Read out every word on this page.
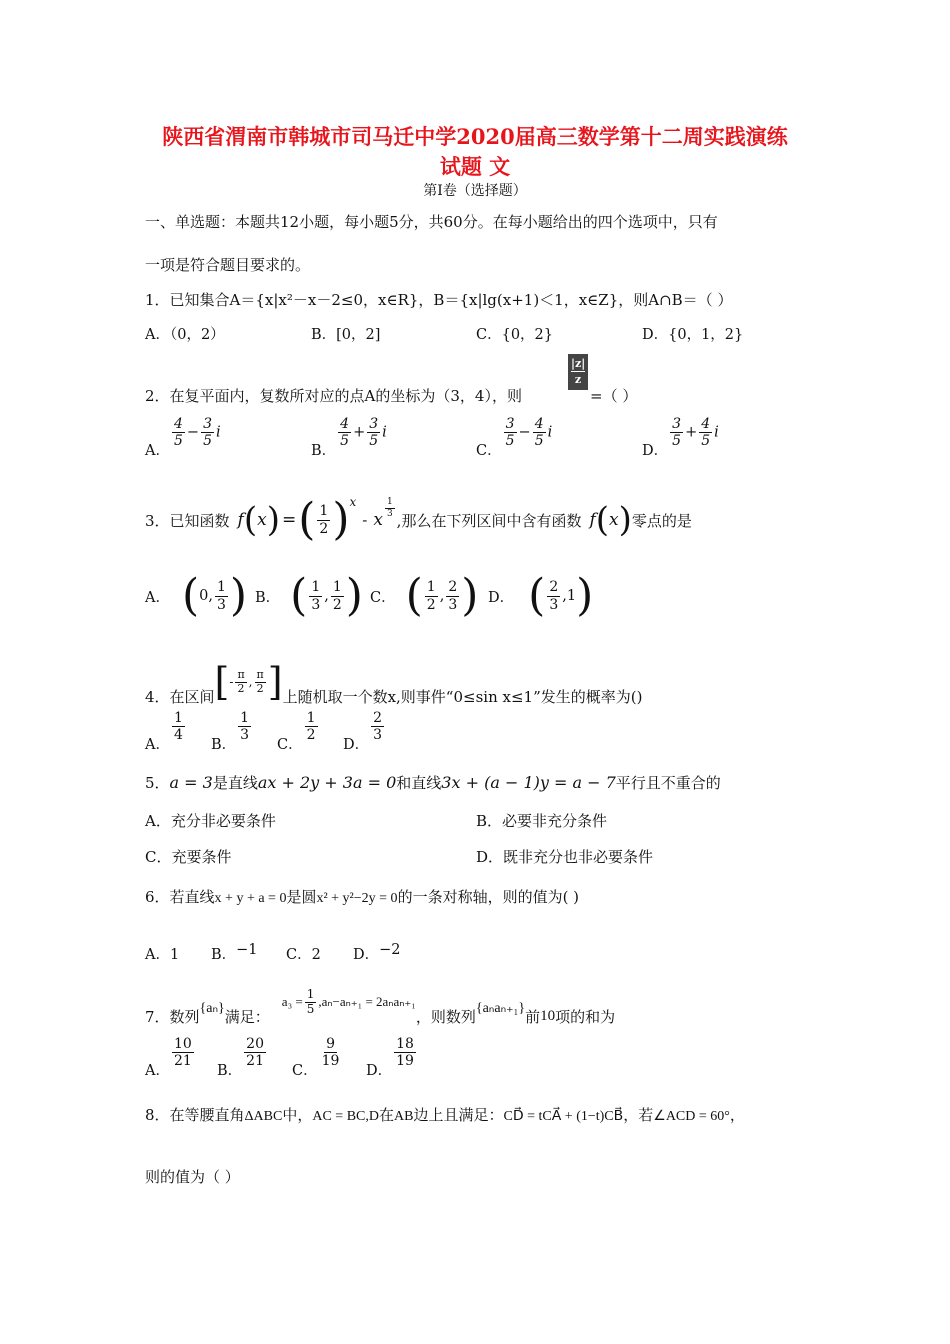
陕西省渭南市韩城市司马迁中学2020届高三数学第十二周实践演练
试题 文
第Ⅰ卷（选择题）
一、单选题：本题共12小题，每小题5分，共60分。在每小题给出的四个选项中，只有
一项是符合题目要求的。
1．已知集合A＝{x|x²－x－2≤0，x∈R}，B＝{x|lg(x+1)＜1，x∈Z}，则A∩B＝（ ）
A．（0，2）	B．[0，2]	C．{0，2}	D．{0，1，2}
2．在复平面内，复数所对应的点A的坐标为（3，4），则
$\frac{|z|}{z}$
=（ ）
A．
$\frac{4}{5} - \frac{3}{5}$ i
B．
$\frac{4}{5} + \frac{3}{5}$ i
C．
$\frac{3}{5} - \frac{4}{5}$ i
D．
$\frac{3}{5} + \frac{4}{5}$ i
3．已知函数 f ( x ) = ( $\frac{1}{2}$ ) x
- x
$\frac{1}{3}$
,那么在下列区间中含有函数 f ( x ) 零点的是
A． ( 0 , $\frac{1}{3}$ ) B． ( $\frac{1}{3}$ , $\frac{1}{2}$ ) C． ( $\frac{1}{2}$ , $\frac{2}{3}$ ) D． ( $\frac{2}{3}$ , 1 )
4．在区间 [ - $\frac{\pi}{2}$ , $\frac{\pi}{2}$ ] 上随机取一个数x,则事件“0≤sin x≤1”发生的概率为()
A．
$\frac{1}{4}$
B．
$\frac{1}{3}$
C．
$\frac{1}{2}$
D．
$\frac{2}{3}$
5．a = 3是直线ax + 2y + 3a = 0和直线3x + (a − 1)y = a − 7平行且不重合的
A．充分非必要条件	B．必要非充分条件
C．充要条件	D．既非充分也非必要条件
6．若直线x + y + a = 0是圆x² + y²−2y = 0的一条对称轴，则的值为( )
A．1 B．−1 C．2 D．−2
7．数列 {aₙ} 满足：
$a_3 = \frac{1}{5} ,a_n-a_{n+1} = 2a_na_{n+1}$
，则数列 {aₙaₙ₊₁} 前 10 项的和为
A．
$\frac{10}{21}$
B．
$\frac{20}{21}$
C．
$\frac{9}{19}$
D．
$\frac{18}{19}$
8．在等腰直角ΔABC中，AC = BC,D在AB边上且满足：CD⃗ = tCA⃗ + (1−t)CB⃗，若∠ACD = 60°，
则的值为（ ）
